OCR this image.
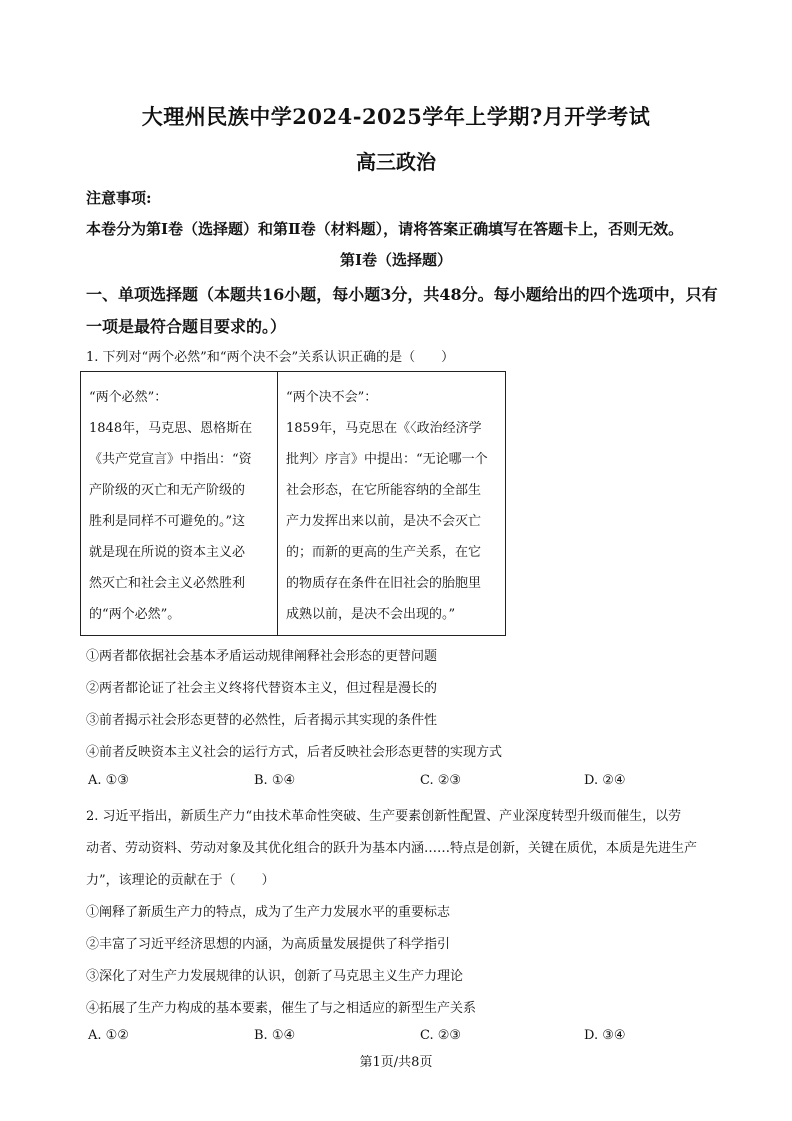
大理州民族中学2024-2025学年上学期?月开学考试
高三政治
注意事项:
本卷分为第Ⅰ卷（选择题）和第Ⅱ卷（材料题），请将答案正确填写在答题卡上，否则无效。
第Ⅰ卷（选择题）
一、单项选择题（本题共16小题，每小题3分，共48分。每小题给出的四个选项中，只有
一项是最符合题目要求的。）
1. 下列对“两个必然”和“两个决不会”关系认识正确的是（　　）
“两个必然”：
1848年，马克思、恩格斯在
《共产党宣言》中指出：“资
产阶级的灭亡和无产阶级的
胜利是同样不可避免的。”这
就是现在所说的资本主义必
然灭亡和社会主义必然胜利
的“两个必然”。

“两个决不会”：
1859年，马克思在《〈政治经济学
批判〉序言》中提出：“无论哪一个
社会形态，在它所能容纳的全部生
产力发挥出来以前，是决不会灭亡
的；而新的更高的生产关系，在它
的物质存在条件在旧社会的胎胞里
成熟以前，是决不会出现的。”
①两者都依据社会基本矛盾运动规律阐释社会形态的更替问题
②两者都论证了社会主义终将代替资本主义，但过程是漫长的
③前者揭示社会形态更替的必然性，后者揭示其实现的条件性
④前者反映资本主义社会的运行方式，后者反映社会形态更替的实现方式
A. ①③	B. ①④	C. ②③	D. ②④
2. 习近平指出，新质生产力“由技术革命性突破、生产要素创新性配置、产业深度转型升级而催生，以劳
动者、劳动资料、劳动对象及其优化组合的跃升为基本内涵……特点是创新，关键在质优，本质是先进生产
力”，该理论的贡献在于（　　）
①阐释了新质生产力的特点，成为了生产力发展水平的重要标志
②丰富了习近平经济思想的内涵，为高质量发展提供了科学指引
③深化了对生产力发展规律的认识，创新了马克思主义生产力理论
④拓展了生产力构成的基本要素，催生了与之相适应的新型生产关系
A. ①②	B. ①④	C. ②③	D. ③④
第1页/共8页
